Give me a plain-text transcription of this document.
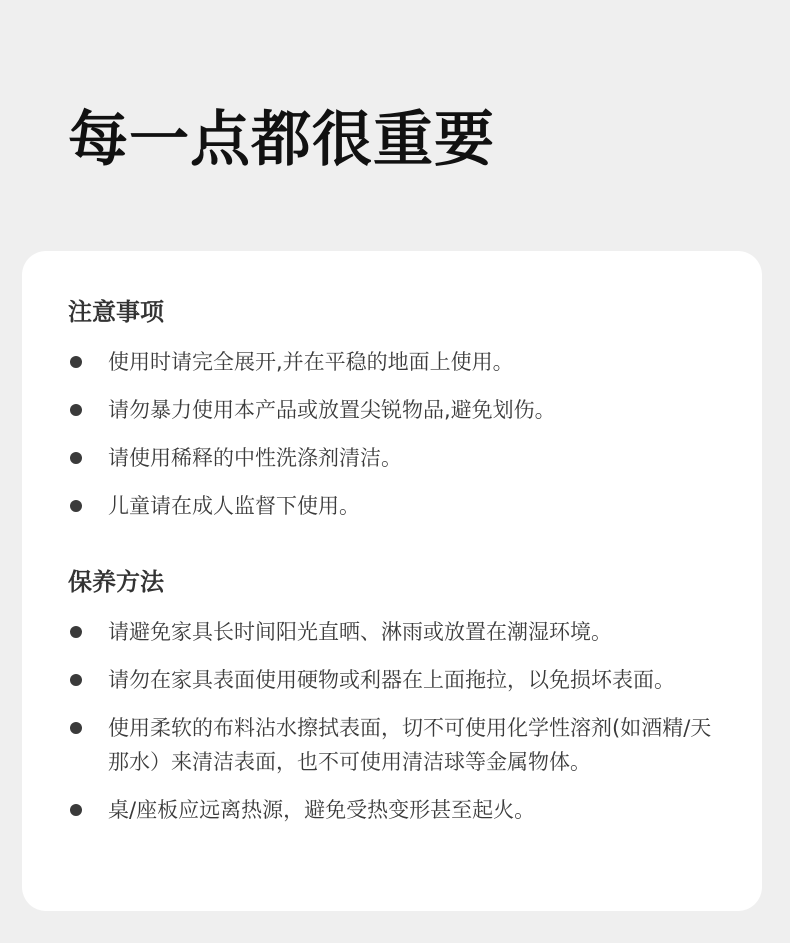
每一点都很重要
注意事项
使用时请完全展开,并在平稳的地面上使用。
请勿暴力使用本产品或放置尖锐物品,避免划伤。
请使用稀释的中性洗涤剂清洁。
儿童请在成人监督下使用。
保养方法
请避免家具长时间阳光直晒、淋雨或放置在潮湿环境。
请勿在家具表面使用硬物或利器在上面拖拉，以免损坏表面。
使用柔软的布料沾水擦拭表面，切不可使用化学性溶剂(如酒精/天那水）来清洁表面，也不可使用清洁球等金属物体。
桌/座板应远离热源，避免受热变形甚至起火。
